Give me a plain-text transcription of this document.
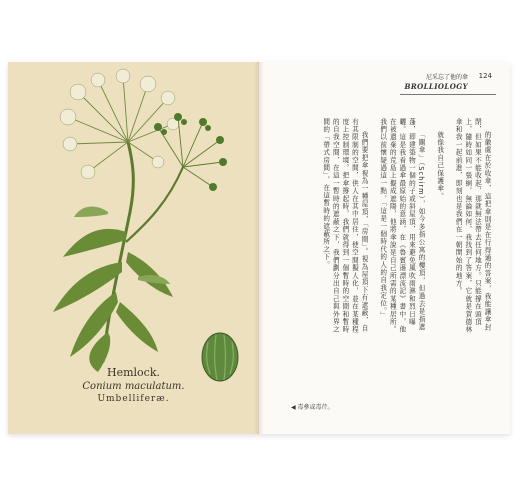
Hemlock.
Conium maculatum.
Umbelliferæ.
尼采忘了他的傘 124
BROLLIOLOGY

的徽處在於收傘，這把傘則是在行得通的答案，我能讓傘封閉，但如果不能收起，那就無法帶去任何地方。只能撐在頭頂上，隨時如同一張網，無論如何，我找到了答案，它就是賀德林傘和我一起前進，即刻也是我們在一朝開始的地方。

就像我自己保護傘。

「關傘」（Schirm），如今多指公寓的樓頂，但過去是指遮蓬，即建築物一個的子或斜屋頂，用來避免風吹雨淋和烈日曝曬。這是我看過傘最原始的意涵，在《魯賓遜漂流記》書中，他在被遺棄的荒島上擬成遮陽，他將傘說是自己所需的某種居所。我們以前懷疑過這一點，「這是一個時代的人的自我定位。」

我們要把傘視為一種屋頂，「房間」。視為屋頂下有遮蔽，自有其限制的空間，供人在其中居住，使空間擬人化，並在某種程度上控制環境。把傘撐起時，我們就得到一個暫時的空間和暫時的自我空間，在這一暫時的遮蔽之下，我們劃分出自己與外界之間的「帶式房間」，在這暫時的遮蔽所之下。

◀ 毒參或毒芹。
